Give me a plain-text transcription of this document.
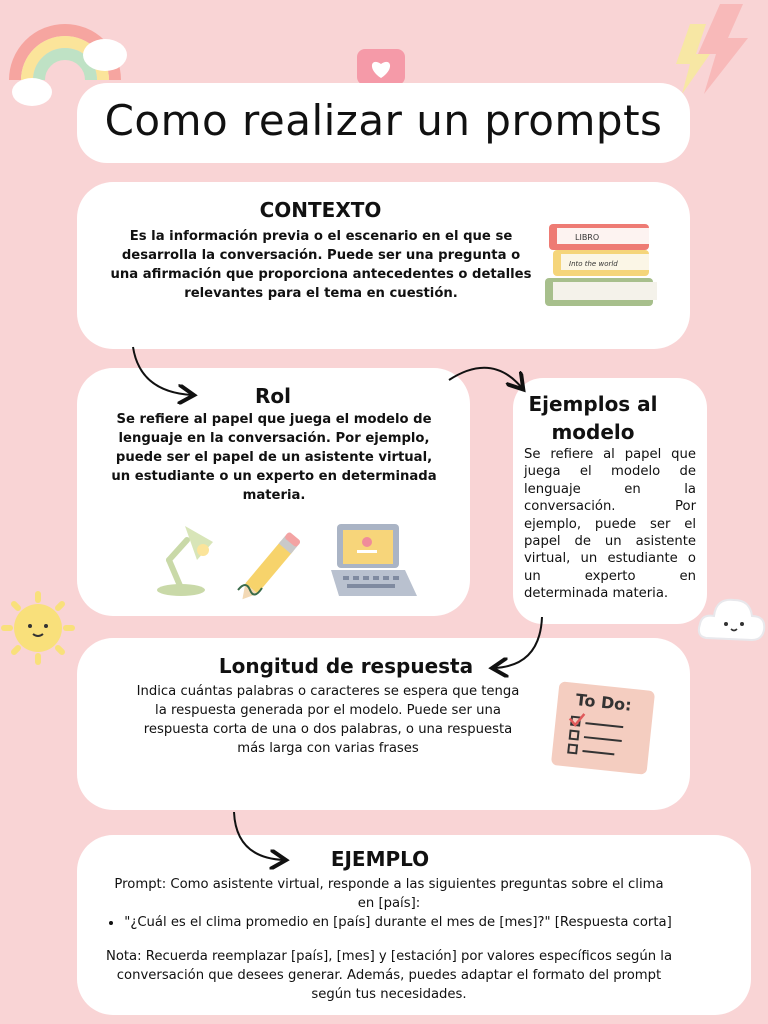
Como realizar un prompts
CONTEXTO
Es la información previa o el escenario en el que se desarrolla la conversación. Puede ser una pregunta o una afirmación que proporciona antecedentes o detalles relevantes para el tema en cuestión.
LIBRO
Into the world
Rol
Se refiere al papel que juega el modelo de lenguaje en la conversación. Por ejemplo, puede ser el papel de un asistente virtual, un estudiante o un experto en determinada materia.
Ejemplos al
modelo
Se refiere al papel que juega el modelo de lenguaje en la conversación. Por ejemplo, puede ser el papel de un asistente virtual, un estudiante o un experto en determinada materia.
Longitud de respuesta
Indica cuántas palabras o caracteres se espera que tenga la respuesta generada por el modelo. Puede ser una respuesta corta de una o dos palabras, o una respuesta más larga con varias frases
To Do:
EJEMPLO
Prompt: Como asistente virtual, responde a las siguientes preguntas sobre el clima en [país]:
• "¿Cuál es el clima promedio en [país] durante el mes de [mes]?" [Respuesta corta]
Nota: Recuerda reemplazar [país], [mes] y [estación] por valores específicos según la conversación que desees generar. Además, puedes adaptar el formato del prompt según tus necesidades.
